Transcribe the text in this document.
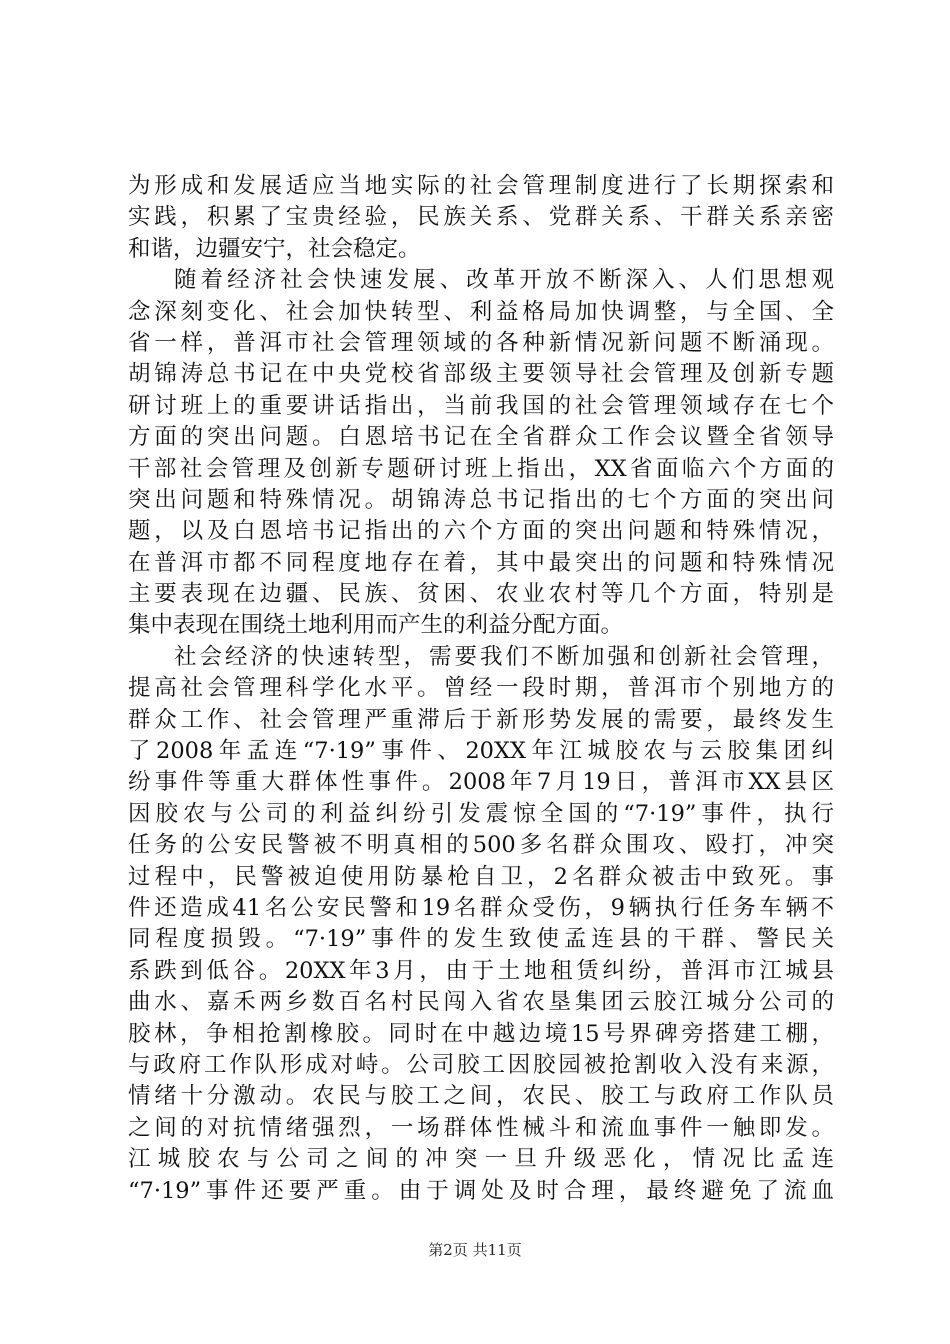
为形成和发展适应当地实际的社会管理制度进行了长期探索和
实践，积累了宝贵经验，民族关系、党群关系、干群关系亲密
和谐，边疆安宁，社会稳定。
随着经济社会快速发展、改革开放不断深入、人们思想观
念深刻变化、社会加快转型、利益格局加快调整，与全国、全
省一样，普洱市社会管理领域的各种新情况新问题不断涌现。
胡锦涛总书记在中央党校省部级主要领导社会管理及创新专题
研讨班上的重要讲话指出，当前我国的社会管理领域存在七个
方面的突出问题。白恩培书记在全省群众工作会议暨全省领导
干部社会管理及创新专题研讨班上指出，XX省面临六个方面的
突出问题和特殊情况。胡锦涛总书记指出的七个方面的突出问
题，以及白恩培书记指出的六个方面的突出问题和特殊情况，
在普洱市都不同程度地存在着，其中最突出的问题和特殊情况
主要表现在边疆、民族、贫困、农业农村等几个方面，特别是
集中表现在围绕土地利用而产生的利益分配方面。
社会经济的快速转型，需要我们不断加强和创新社会管理，
提高社会管理科学化水平。曾经一段时期，普洱市个别地方的
群众工作、社会管理严重滞后于新形势发展的需要，最终发生
了2008年孟连“7·19”事件、20XX年江城胶农与云胶集团纠
纷事件等重大群体性事件。2008年7月19日，普洱市XX县区
因胶农与公司的利益纠纷引发震惊全国的“7·19”事件，执行
任务的公安民警被不明真相的500多名群众围攻、殴打，冲突
过程中，民警被迫使用防暴枪自卫，2名群众被击中致死。事
件还造成41名公安民警和19名群众受伤，9辆执行任务车辆不
同程度损毁。“7·19”事件的发生致使孟连县的干群、警民关
系跌到低谷。20XX年3月，由于土地租赁纠纷，普洱市江城县
曲水、嘉禾两乡数百名村民闯入省农垦集团云胶江城分公司的
胶林，争相抢割橡胶。同时在中越边境15号界碑旁搭建工棚，
与政府工作队形成对峙。公司胶工因胶园被抢割收入没有来源，
情绪十分激动。农民与胶工之间，农民、胶工与政府工作队员
之间的对抗情绪强烈，一场群体性械斗和流血事件一触即发。
江城胶农与公司之间的冲突一旦升级恶化，情况比孟连
“7·19”事件还要严重。由于调处及时合理，最终避免了流血
第2页 共11页
